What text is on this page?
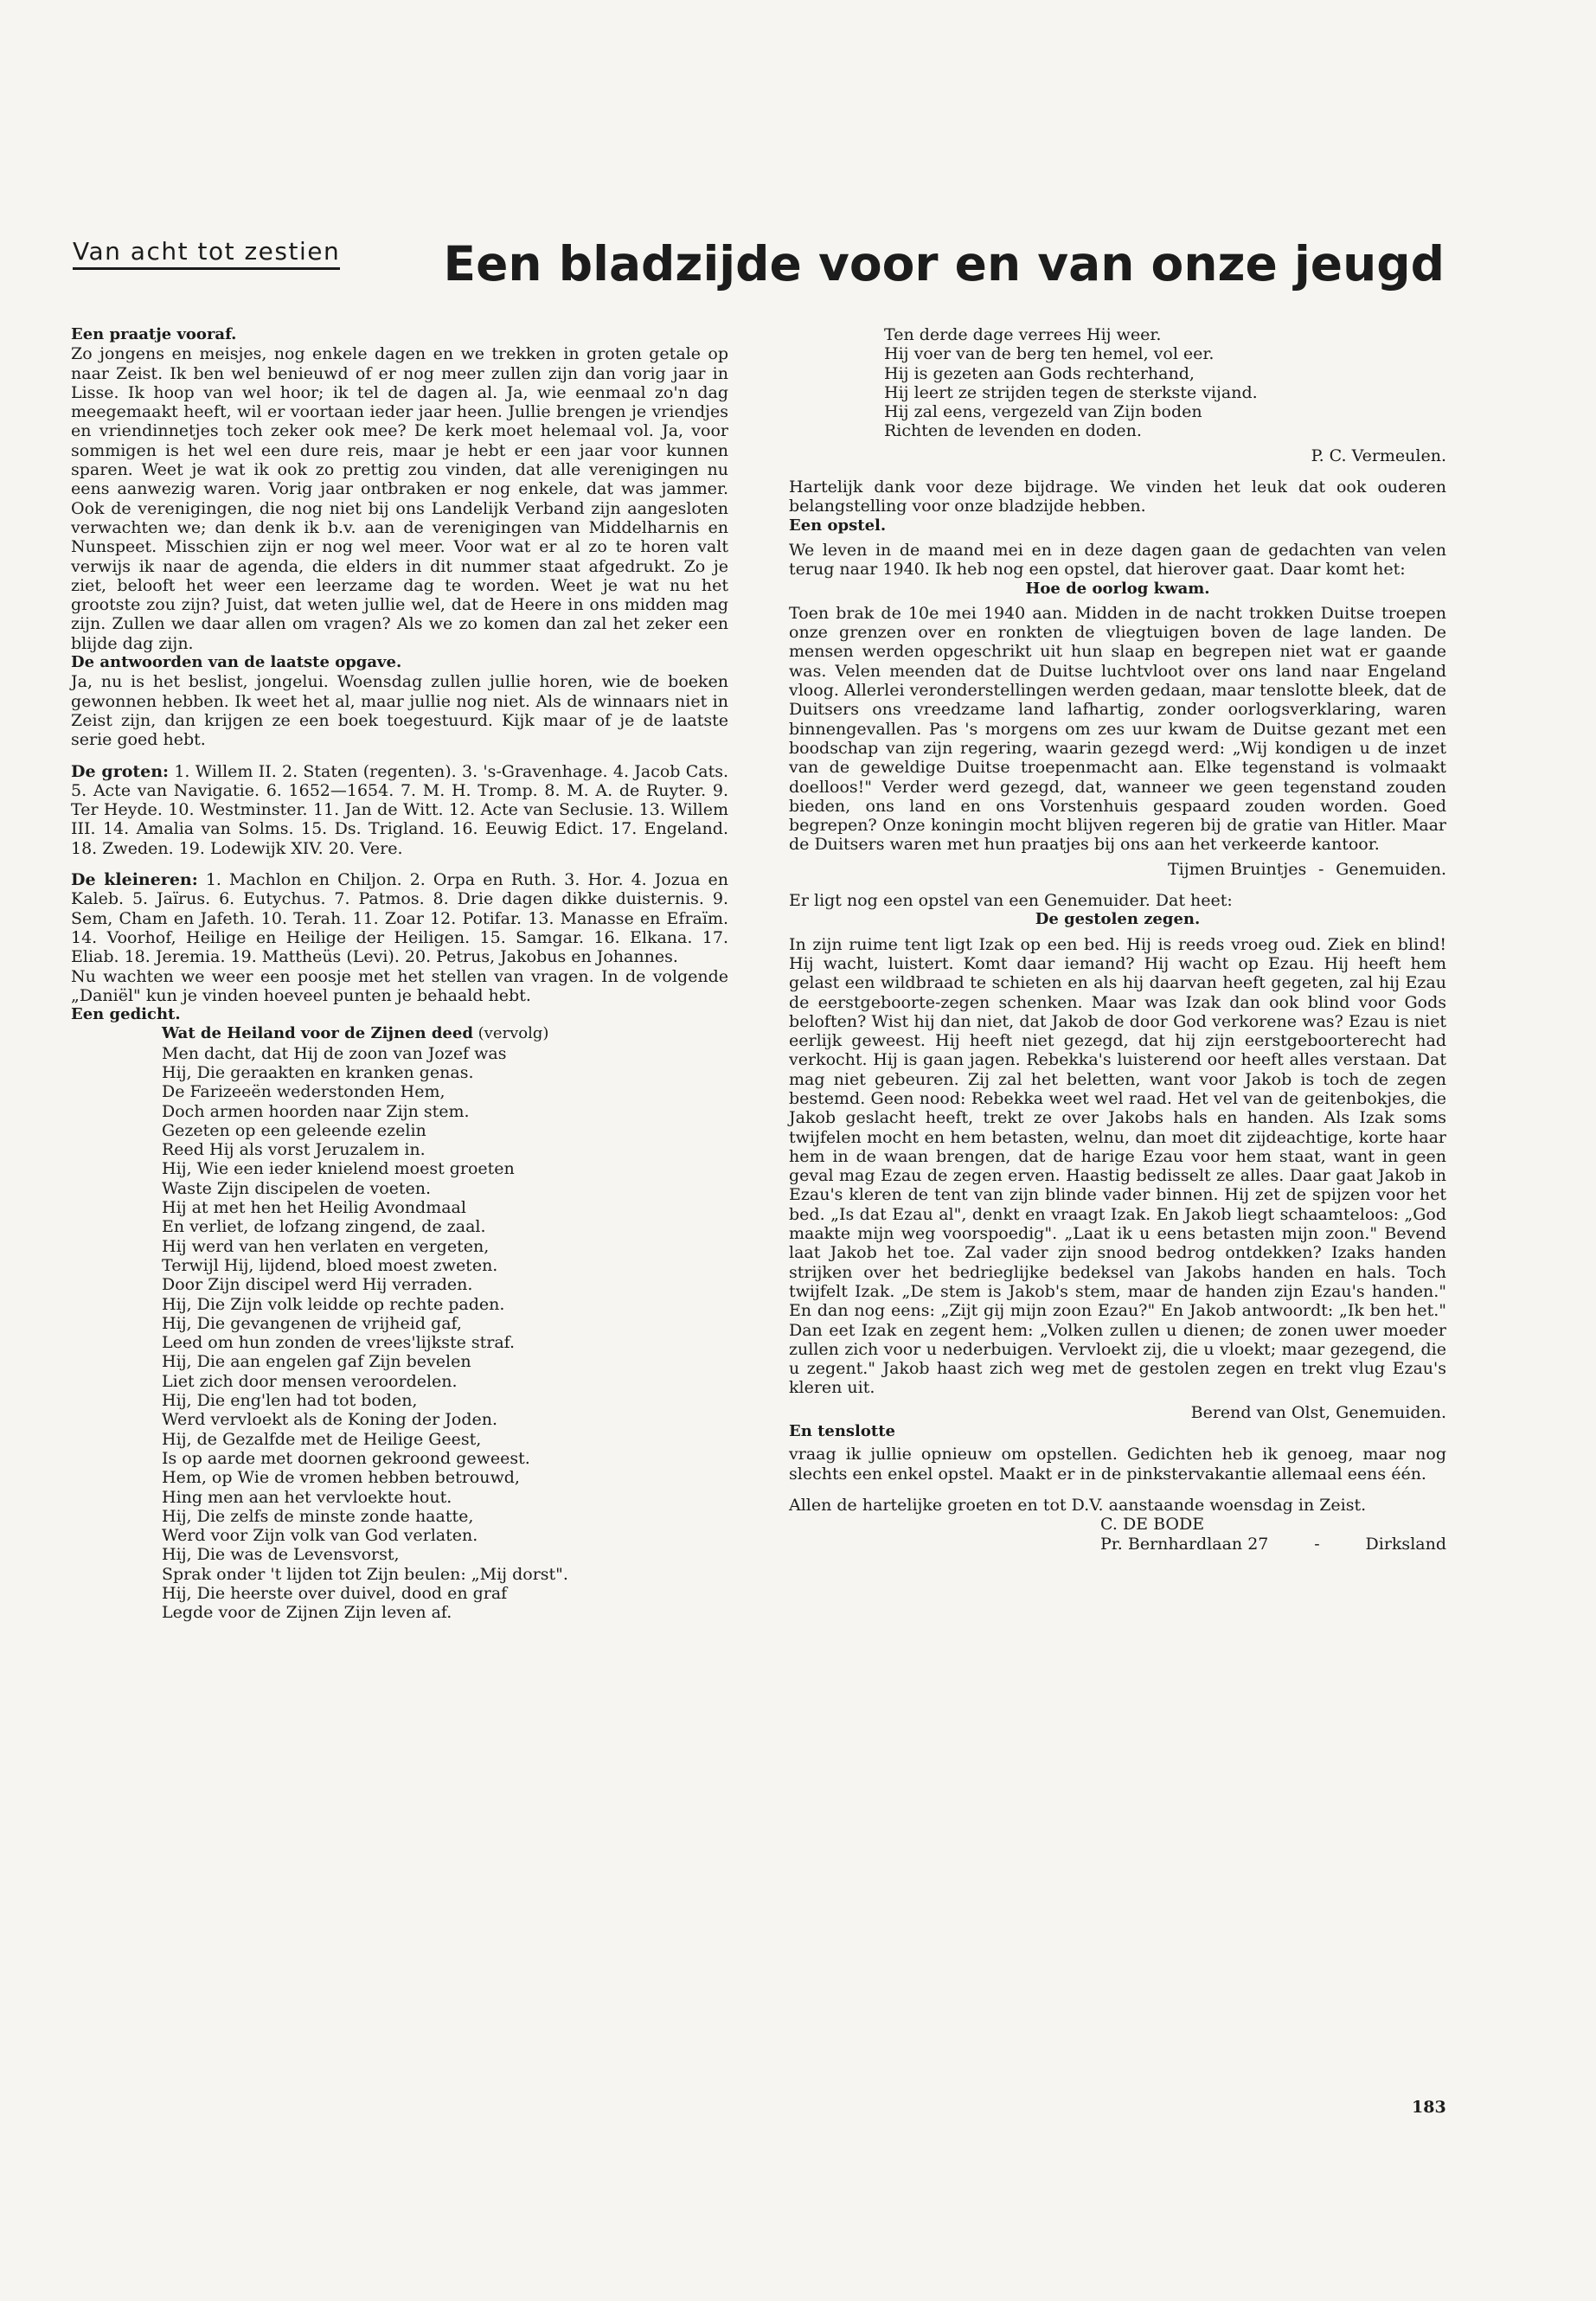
Van acht tot zestien Een bladzijde voor en van onze jeugd

Een praatje vooraf.

Zo jongens en meisjes, nog enkele dagen en we trekken in groten getale op naar Zeist. Ik ben wel benieuwd of er nog meer zullen zijn dan vorig jaar in Lisse. Ik hoop van wel hoor; ik tel de dagen al. Ja, wie eenmaal zo'n dag meegemaakt heeft, wil er voortaan ieder jaar heen. Jullie brengen je vriendjes en vriendinnetjes toch zeker ook mee? De kerk moet helemaal vol. Ja, voor sommigen is het wel een dure reis, maar je hebt er een jaar voor kunnen sparen. Weet je wat ik ook zo prettig zou vinden, dat alle verenigingen nu eens aanwezig waren. Vorig jaar ontbraken er nog enkele, dat was jammer. Ook de verenigingen, die nog niet bij ons Landelijk Verband zijn aangesloten verwachten we; dan denk ik b.v. aan de verenigingen van Middelharnis en Nunspeet. Misschien zijn er nog wel meer. Voor wat er al zo te horen valt verwijs ik naar de agenda, die elders in dit nummer staat afgedrukt. Zo je ziet, belooft het weer een leerzame dag te worden. Weet je wat nu het grootste zou zijn? Juist, dat weten jullie wel, dat de Heere in ons midden mag zijn. Zullen we daar allen om vragen? Als we zo komen dan zal het zeker een blijde dag zijn.

De antwoorden van de laatste opgave.

Ja, nu is het beslist, jongelui. Woensdag zullen jullie horen, wie de boeken gewonnen hebben. Ik weet het al, maar jullie nog niet. Als de winnaars niet in Zeist zijn, dan krijgen ze een boek toegestuurd. Kijk maar of je de laatste serie goed hebt.

De groten: 1. Willem II. 2. Staten (regenten). 3. 's-Gravenhage. 4. Jacob Cats. 5. Acte van Navigatie. 6. 1652—1654. 7. M. H. Tromp. 8. M. A. de Ruyter. 9. Ter Heyde. 10. Westminster. 11. Jan de Witt. 12. Acte van Seclusie. 13. Willem III. 14. Amalia van Solms. 15. Ds. Trigland. 16. Eeuwig Edict. 17. Engeland. 18. Zweden. 19. Lodewijk XIV. 20. Vere.

De kleineren: 1. Machlon en Chiljon. 2. Orpa en Ruth. 3. Hor. 4. Jozua en Kaleb. 5. Jaïrus. 6. Eutychus. 7. Patmos. 8. Drie dagen dikke duisternis. 9. Sem, Cham en Jafeth. 10. Terah. 11. Zoar 12. Potifar. 13. Manasse en Efraïm. 14. Voorhof, Heilige en Heilige der Heiligen. 15. Samgar. 16. Elkana. 17. Eliab. 18. Jeremia. 19. Mattheüs (Levi). 20. Petrus, Jakobus en Johannes.

Nu wachten we weer een poosje met het stellen van vragen. In de volgende „Daniël" kun je vinden hoeveel punten je behaald hebt.

Een gedicht.

Wat de Heiland voor de Zijnen deed (vervolg)

Men dacht, dat Hij de zoon van Jozef was
Hij, Die geraakten en kranken genas.
De Farizeeën wederstonden Hem,
Doch armen hoorden naar Zijn stem.
Gezeten op een geleende ezelin
Reed Hij als vorst Jeruzalem in.
Hij, Wie een ieder knielend moest groeten
Waste Zijn discipelen de voeten.
Hij at met hen het Heilig Avondmaal
En verliet, de lofzang zingend, de zaal.
Hij werd van hen verlaten en vergeten,
Terwijl Hij, lijdend, bloed moest zweten.
Door Zijn discipel werd Hij verraden.
Hij, Die Zijn volk leidde op rechte paden.
Hij, Die gevangenen de vrijheid gaf,
Leed om hun zonden de vrees'lijkste straf.
Hij, Die aan engelen gaf Zijn bevelen
Liet zich door mensen veroordelen.
Hij, Die eng'len had tot boden,
Werd vervloekt als de Koning der Joden.
Hij, de Gezalfde met de Heilige Geest,
Is op aarde met doornen gekroond geweest.
Hem, op Wie de vromen hebben betrouwd,
Hing men aan het vervloekte hout.
Hij, Die zelfs de minste zonde haatte,
Werd voor Zijn volk van God verlaten.
Hij, Die was de Levensvorst,
Sprak onder 't lijden tot Zijn beulen: „Mij dorst".
Hij, Die heerste over duivel, dood en graf
Legde voor de Zijnen Zijn leven af.
Ten derde dage verrees Hij weer.
Hij voer van de berg ten hemel, vol eer.
Hij is gezeten aan Gods rechterhand,
Hij leert ze strijden tegen de sterkste vijand.
Hij zal eens, vergezeld van Zijn boden
Richten de levenden en doden.

P. C. Vermeulen.

Hartelijk dank voor deze bijdrage. We vinden het leuk dat ook ouderen belangstelling voor onze bladzijde hebben.

Een opstel.

We leven in de maand mei en in deze dagen gaan de gedachten van velen terug naar 1940. Ik heb nog een opstel, dat hierover gaat. Daar komt het:

Hoe de oorlog kwam.

Toen brak de 10e mei 1940 aan. Midden in de nacht trokken Duitse troepen onze grenzen over en ronkten de vliegtuigen boven de lage landen. De mensen werden opgeschrikt uit hun slaap en begrepen niet wat er gaande was. Velen meenden dat de Duitse luchtvloot over ons land naar Engeland vloog. Allerlei veronderstellingen werden gedaan, maar tenslotte bleek, dat de Duitsers ons vreedzame land lafhartig, zonder oorlogsverklaring, waren binnengevallen. Pas 's morgens om zes uur kwam de Duitse gezant met een boodschap van zijn regering, waarin gezegd werd: „Wij kondigen u de inzet van de geweldige Duitse troepenmacht aan. Elke tegenstand is volmaakt doelloos!" Verder werd gezegd, dat, wanneer we geen tegenstand zouden bieden, ons land en ons Vorstenhuis gespaard zouden worden. Goed begrepen? Onze koningin mocht blijven regeren bij de gratie van Hitler. Maar de Duitsers waren met hun praatjes bij ons aan het verkeerde kantoor.

Tijmen Bruintjes - Genemuiden.

Er ligt nog een opstel van een Genemuider. Dat heet:

De gestolen zegen.

In zijn ruime tent ligt Izak op een bed. Hij is reeds vroeg oud. Ziek en blind! Hij wacht, luistert. Komt daar iemand? Hij wacht op Ezau. Hij heeft hem gelast een wildbraad te schieten en als hij daarvan heeft gegeten, zal hij Ezau de eerstgeboorte-zegen schenken. Maar was Izak dan ook blind voor Gods beloften? Wist hij dan niet, dat Jakob de door God verkorene was? Ezau is niet eerlijk geweest. Hij heeft niet gezegd, dat hij zijn eerstgeboorterecht had verkocht. Hij is gaan jagen. Rebekka's luisterend oor heeft alles verstaan. Dat mag niet gebeuren. Zij zal het beletten, want voor Jakob is toch de zegen bestemd. Geen nood: Rebekka weet wel raad. Het vel van de geitenbokjes, die Jakob geslacht heeft, trekt ze over Jakobs hals en handen. Als Izak soms twijfelen mocht en hem betasten, welnu, dan moet dit zijdeachtige, korte haar hem in de waan brengen, dat de harige Ezau voor hem staat, want in geen geval mag Ezau de zegen erven. Haastig bedisselt ze alles. Daar gaat Jakob in Ezau's kleren de tent van zijn blinde vader binnen. Hij zet de spijzen voor het bed. „Is dat Ezau al", denkt en vraagt Izak. En Jakob liegt schaamteloos: „God maakte mijn weg voorspoedig". „Laat ik u eens betasten mijn zoon." Bevend laat Jakob het toe. Zal vader zijn snood bedrog ontdekken? Izaks handen strijken over het bedrieglijke bedeksel van Jakobs handen en hals. Toch twijfelt Izak. „De stem is Jakob's stem, maar de handen zijn Ezau's handen." En dan nog eens: „Zijt gij mijn zoon Ezau?" En Jakob antwoordt: „Ik ben het." Dan eet Izak en zegent hem: „Volken zullen u dienen; de zonen uwer moeder zullen zich voor u nederbuigen. Vervloekt zij, die u vloekt; maar gezegend, die u zegent." Jakob haast zich weg met de gestolen zegen en trekt vlug Ezau's kleren uit.

Berend van Olst, Genemuiden.

En tenslotte

vraag ik jullie opnieuw om opstellen. Gedichten heb ik genoeg, maar nog slechts een enkel opstel. Maakt er in de pinkstervakantie allemaal eens één.

Allen de hartelijke groeten en tot D.V. aanstaande woensdag in Zeist.

C. DE BODE

Pr. Bernhardlaan 27	-	Dirksland
183
